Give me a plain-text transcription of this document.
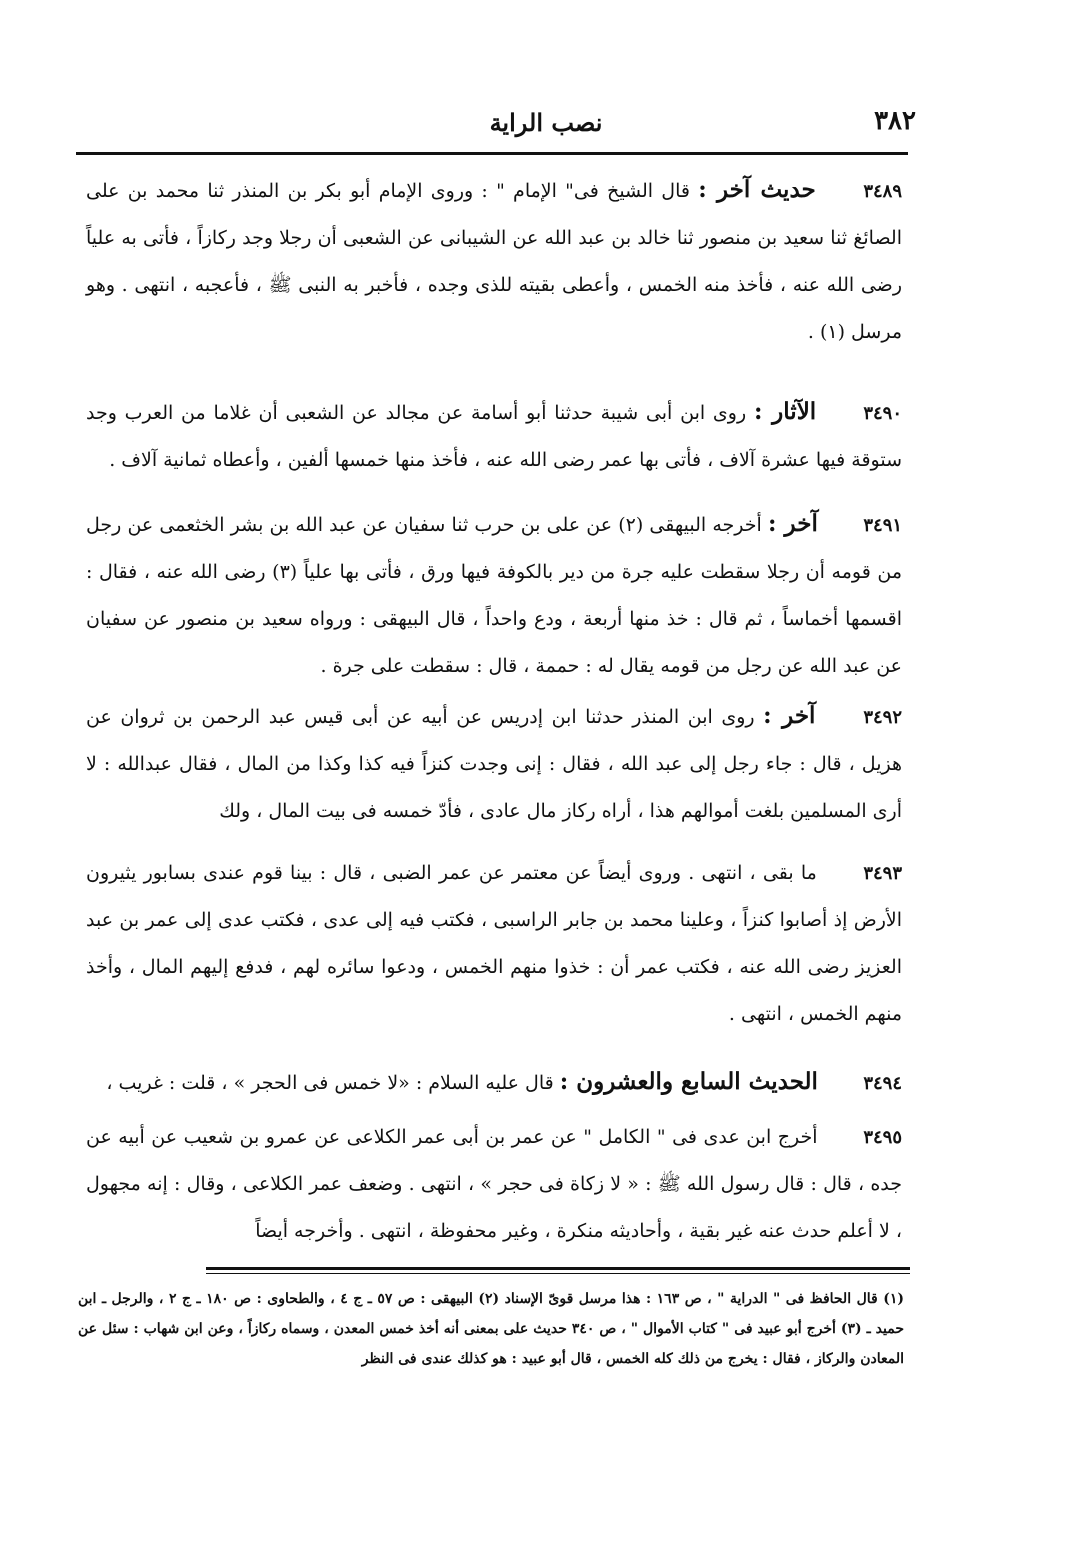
نصب الراية	٣٨٢
٣٤٨٩ حديث آخر : قال الشيخ فى" الإمام " : وروى الإمام أبو بكر بن المنذر ثنا محمد بن على الصائغ ثنا سعيد بن منصور ثنا خالد بن عبد الله عن الشيبانى عن الشعبى أن رجلا وجد ركازاً ، فأتى به علياً رضى الله عنه ، فأخذ منه الخمس ، وأعطى بقيته للذى وجده ، فأخبر به النبى ﷺ ، فأعجبه ، انتهى . وهو مرسل (١) .
٣٤٩٠ الآثار : روى ابن أبى شيبة حدثنا أبو أسامة عن مجالد عن الشعبى أن غلاما من العرب وجد ستوقة فيها عشرة آلاف ، فأتى بها عمر رضى الله عنه ، فأخذ منها خمسها ألفين ، وأعطاه ثمانية آلاف .
٣٤٩١ آخر : أخرجه البيهقى (٢) عن على بن حرب ثنا سفيان عن عبد الله بن بشر الخثعمى عن رجل من قومه أن رجلا سقطت عليه جرة من دير بالكوفة فيها ورق ، فأتى بها علياً (٣) رضى الله عنه ، فقال : اقسمها أخماساً ، ثم قال : خذ منها أربعة ، ودع واحداً ، قال البيهقى : ورواه سعيد بن منصور عن سفيان عن عبد الله عن رجل من قومه يقال له : حممة ، قال : سقطت على جرة .
٣٤٩٢ آخر : روى ابن المنذر حدثنا ابن إدريس عن أبيه عن أبى قيس عبد الرحمن بن ثروان عن هزيل ، قال : جاء رجل إلى عبد الله ، فقال : إنى وجدت كنزاً فيه كذا وكذا من المال ، فقال عبدالله : لا أرى المسلمين بلغت أموالهم هذا ، أراه ركاز مال عادى ، فأدّ خمسه فى بيت المال ، ولك
٣٤٩٣ ما بقى ، انتهى . وروى أيضاً عن معتمر عن عمر الضبى ، قال : بينا قوم عندى بسابور يثيرون الأرض إذ أصابوا كنزاً ، وعلينا محمد بن جابر الراسبى ، فكتب فيه إلى عدى ، فكتب عدى إلى عمر بن عبد العزيز رضى الله عنه ، فكتب عمر أن : خذوا منهم الخمس ، ودعوا سائره لهم ، فدفع إليهم المال ، وأخذ منهم الخمس ، انتهى .
٣٤٩٤ الحديث السابع والعشرون : قال عليه السلام : «لا خمس فى الحجر » ، قلت : غريب ،
٣٤٩٥ أخرج ابن عدى فى " الكامل " عن عمر بن أبى عمر الكلاعى عن عمرو بن شعيب عن أبيه عن جده ، قال : قال رسول الله ﷺ : « لا زكاة فى حجر » ، انتهى . وضعف عمر الكلاعى ، وقال : إنه مجهول ، لا أعلم حدث عنه غير بقية ، وأحاديثه منكرة ، وغير محفوظة ، انتهى . وأخرجه أيضاً
(١) قال الحافظ فى " الدراية " ، ص ١٦٣ : هذا مرسل قوىّ الإسناد (٢) البيهقى : ص ٥٧ ـ ج ٤ ، والطحاوى : ص ١٨٠ ـ ج ٢ ، والرجل ـ ابن حميد ـ (٣) أخرج أبو عبيد فى " كتاب الأموال " ، ص ٣٤٠ حديث على بمعنى أنه أخذ خمس المعدن ، وسماه ركازاً ، وعن ابن شهاب : سئل عن المعادن والركاز ، فقال : يخرج من ذلك كله الخمس ، قال أبو عبيد : هو كذلك عندى فى النظر
